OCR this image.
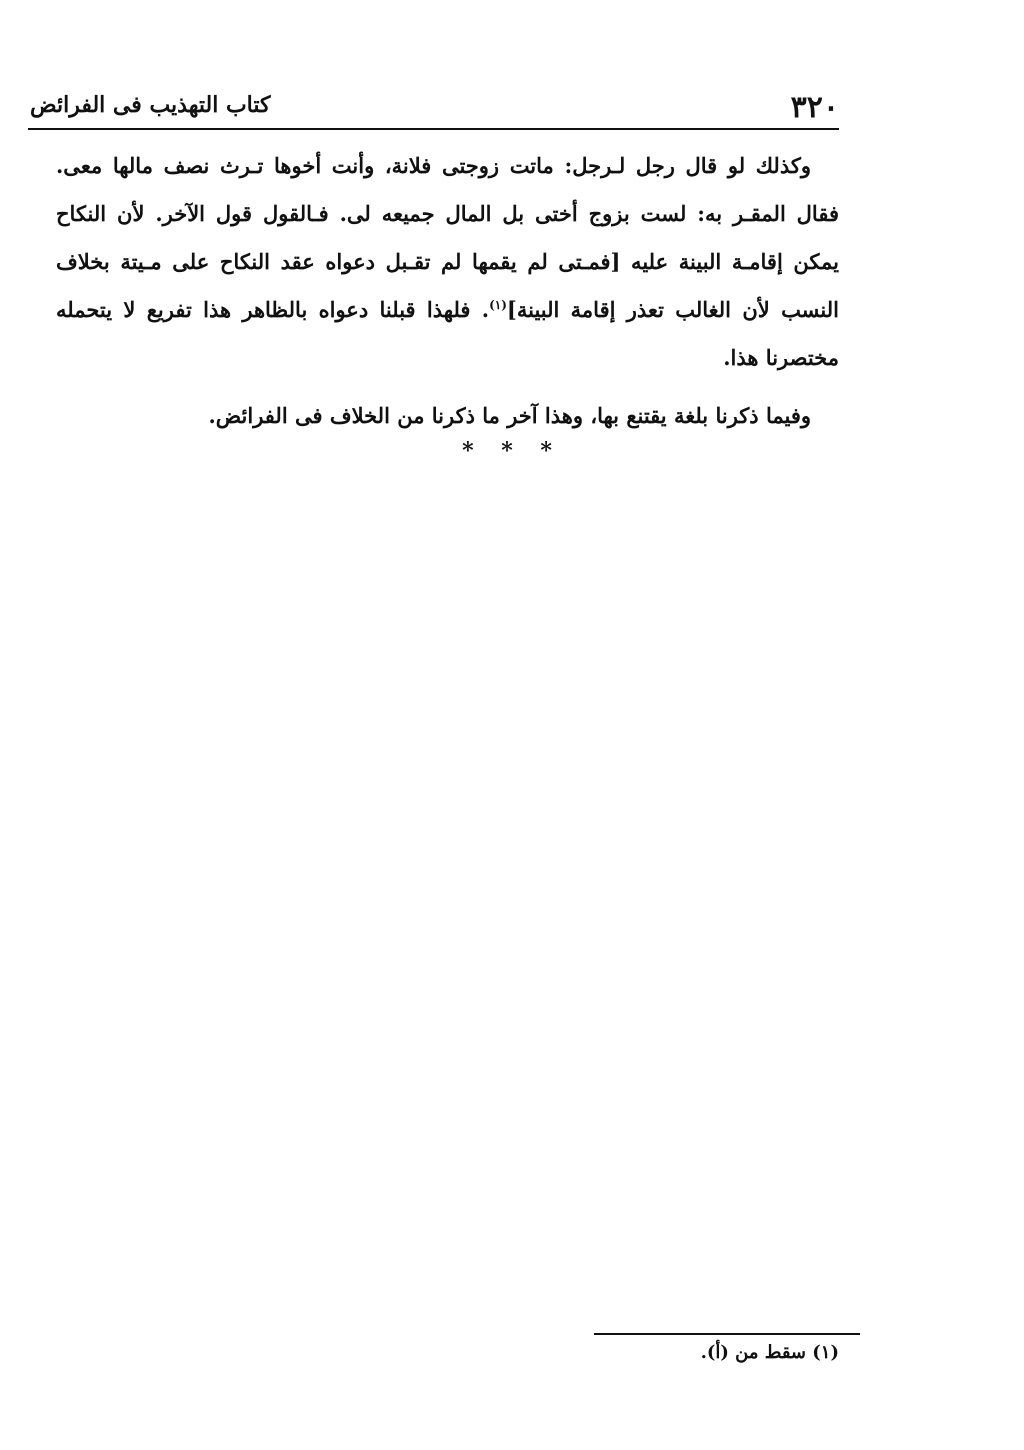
٣٢٠
كتاب التهذيب فى الفرائض

وكذلك لو قال رجل لـرجل: ماتت زوجتى فلانة، وأنت أخوها تـرث نصف مالها معى. فقال المقـر به: لست بزوج أختى بل المال جميعه لى. فـالقول قول الآخر. لأن النكاح يمكن إقامـة البينة عليه [فمـتى لم يقمها لم تقـبل دعواه عقد النكاح على مـيتة بخلاف النسب لأن الغالب تعذر إقامة البينة]$^{(١)}$. فلهذا قبلنا دعواه بالظاهر هذا تفريع لا يتحمله مختصرنا هذا.

وفيما ذكرنا بلغة يقتنع بها، وهذا آخر ما ذكرنا من الخلاف فى الفرائض.

* * *
(١) سقط من (أ).
